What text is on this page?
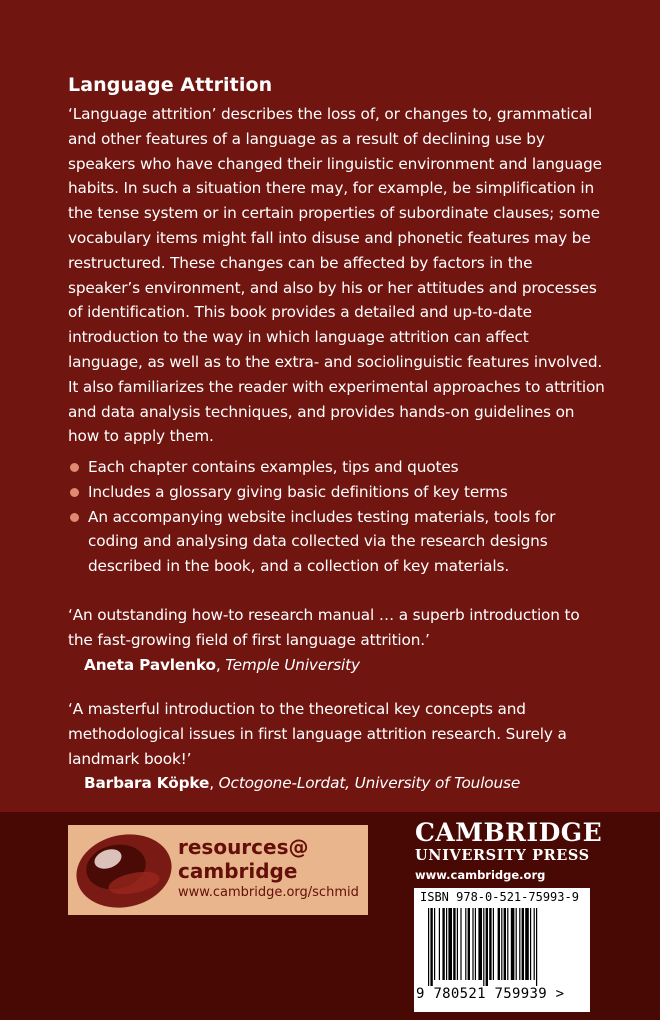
Language Attrition
‘Language attrition’ describes the loss of, or changes to, grammatical and other features of a language as a result of declining use by speakers who have changed their linguistic environment and language habits. In such a situation there may, for example, be simplification in the tense system or in certain properties of subordinate clauses; some vocabulary items might fall into disuse and phonetic features may be restructured. These changes can be affected by factors in the speaker’s environment, and also by his or her attitudes and processes of identification. This book provides a detailed and up-to-date introduction to the way in which language attrition can affect language, as well as to the extra- and sociolinguistic features involved. It also familiarizes the reader with experimental approaches to attrition and data analysis techniques, and provides hands-on guidelines on how to apply them.
Each chapter contains examples, tips and quotes
Includes a glossary giving basic definitions of key terms
An accompanying website includes testing materials, tools for coding and analysing data collected via the research designs described in the book, and a collection of key materials.
‘An outstanding how-to research manual … a superb introduction to the fast-growing field of first language attrition.’
Aneta Pavlenko, Temple University
‘A masterful introduction to the theoretical key concepts and methodological issues in first language attrition research. Surely a landmark book!’
Barbara Köpke, Octogone-Lordat, University of Toulouse
resources@
cambridge
www.cambridge.org/schmid
CAMBRIDGE
UNIVERSITY PRESS
www.cambridge.org
ISBN 978-0-521-75993-9
9 780521 759939 >
